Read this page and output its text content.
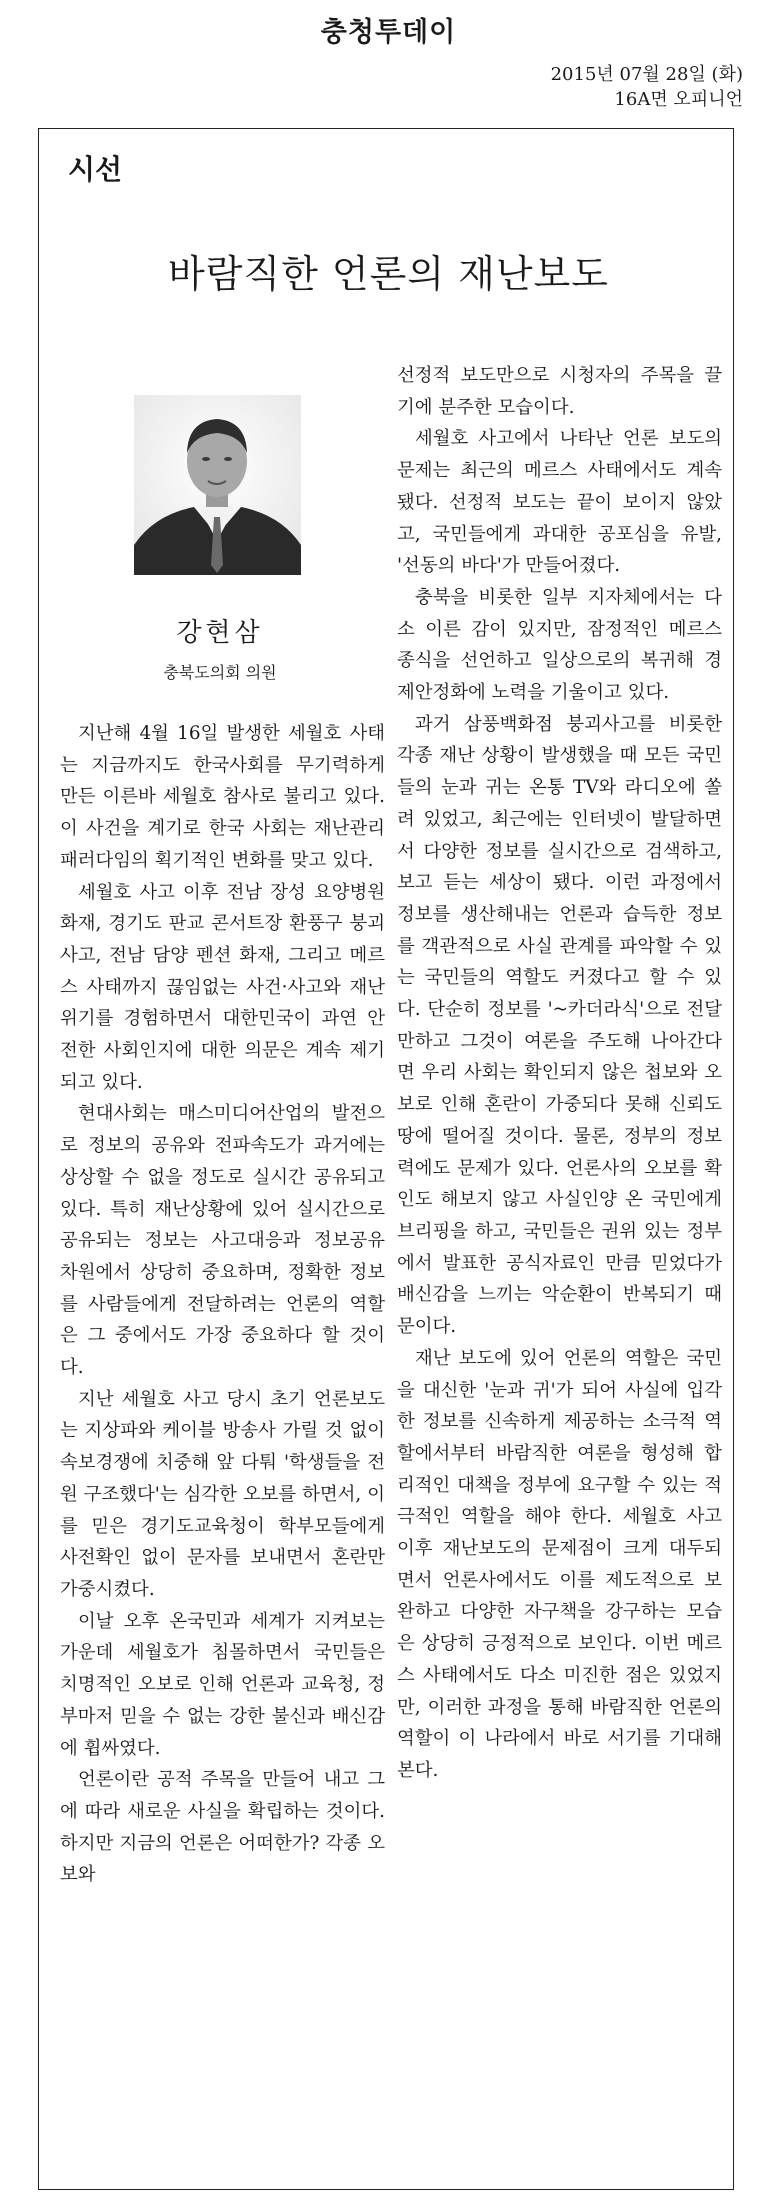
충청투데이
2015년 07월 28일 (화)
16A면 오피니언
시선
바람직한 언론의 재난보도
강현삼
충북도의회 의원

지난해 4월 16일 발생한 세월호 사태는 지금까지도 한국사회를 무기력하게 만든 이른바 세월호 참사로 불리고 있다. 이 사건을 계기로 한국 사회는 재난관리 패러다임의 획기적인 변화를 맞고 있다.

세월호 사고 이후 전남 장성 요양병원 화재, 경기도 판교 콘서트장 환풍구 붕괴사고, 전남 담양 펜션 화재, 그리고 메르스 사태까지 끊임없는 사건·사고와 재난위기를 경험하면서 대한민국이 과연 안전한 사회인지에 대한 의문은 계속 제기되고 있다.

현대사회는 매스미디어산업의 발전으로 정보의 공유와 전파속도가 과거에는 상상할 수 없을 정도로 실시간 공유되고 있다. 특히 재난상황에 있어 실시간으로 공유되는 정보는 사고대응과 정보공유 차원에서 상당히 중요하며, 정확한 정보를 사람들에게 전달하려는 언론의 역할은 그 중에서도 가장 중요하다 할 것이다.

지난 세월호 사고 당시 초기 언론보도는 지상파와 케이블 방송사 가릴 것 없이 속보경쟁에 치중해 앞 다퉈 '학생들을 전원 구조했다'는 심각한 오보를 하면서, 이를 믿은 경기도교육청이 학부모들에게 사전확인 없이 문자를 보내면서 혼란만 가중시켰다.

이날 오후 온국민과 세계가 지켜보는 가운데 세월호가 침몰하면서 국민들은 치명적인 오보로 인해 언론과 교육청, 정부마저 믿을 수 없는 강한 불신과 배신감에 휩싸였다.

언론이란 공적 주목을 만들어 내고 그에 따라 새로운 사실을 확립하는 것이다. 하지만 지금의 언론은 어떠한가? 각종 오보와

선정적 보도만으로 시청자의 주목을 끌기에 분주한 모습이다.

세월호 사고에서 나타난 언론 보도의 문제는 최근의 메르스 사태에서도 계속됐다. 선정적 보도는 끝이 보이지 않았고, 국민들에게 과대한 공포심을 유발, '선동의 바다'가 만들어졌다.

충북을 비롯한 일부 지자체에서는 다소 이른 감이 있지만, 잠정적인 메르스 종식을 선언하고 일상으로의 복귀해 경제안정화에 노력을 기울이고 있다.

과거 삼풍백화점 붕괴사고를 비롯한 각종 재난 상황이 발생했을 때 모든 국민들의 눈과 귀는 온통 TV와 라디오에 쏠려 있었고, 최근에는 인터넷이 발달하면서 다양한 정보를 실시간으로 검색하고, 보고 듣는 세상이 됐다. 이런 과정에서 정보를 생산해내는 언론과 습득한 정보를 객관적으로 사실 관계를 파악할 수 있는 국민들의 역할도 커졌다고 할 수 있다. 단순히 정보를 '~카더라식'으로 전달만하고 그것이 여론을 주도해 나아간다면 우리 사회는 확인되지 않은 첩보와 오보로 인해 혼란이 가중되다 못해 신뢰도 땅에 떨어질 것이다. 물론, 정부의 정보력에도 문제가 있다. 언론사의 오보를 확인도 해보지 않고 사실인양 온 국민에게 브리핑을 하고, 국민들은 권위 있는 정부에서 발표한 공식자료인 만큼 믿었다가 배신감을 느끼는 악순환이 반복되기 때문이다.

재난 보도에 있어 언론의 역할은 국민을 대신한 '눈과 귀'가 되어 사실에 입각한 정보를 신속하게 제공하는 소극적 역할에서부터 바람직한 여론을 형성해 합리적인 대책을 정부에 요구할 수 있는 적극적인 역할을 해야 한다. 세월호 사고 이후 재난보도의 문제점이 크게 대두되면서 언론사에서도 이를 제도적으로 보완하고 다양한 자구책을 강구하는 모습은 상당히 긍정적으로 보인다. 이번 메르스 사태에서도 다소 미진한 점은 있었지만, 이러한 과정을 통해 바람직한 언론의 역할이 이 나라에서 바로 서기를 기대해 본다.
